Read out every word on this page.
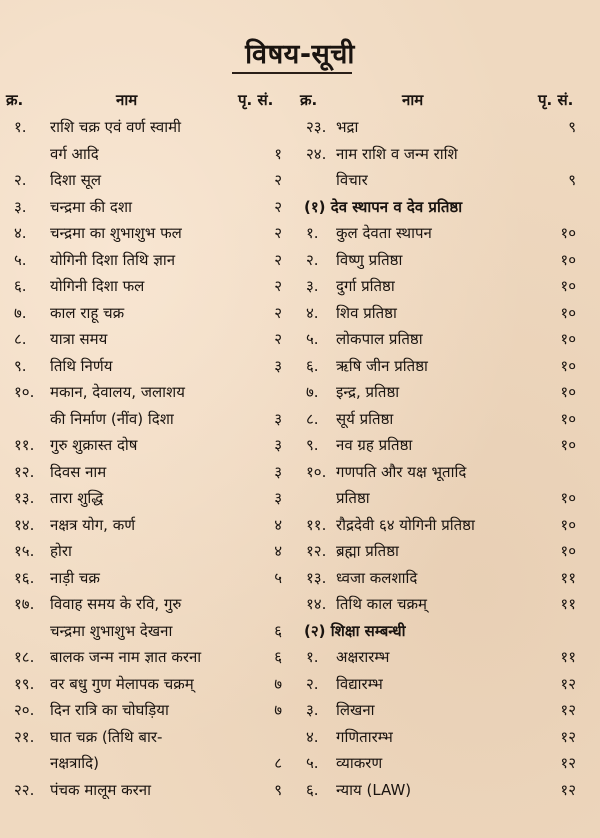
विषय-सूची
क्र.	नाम	पृ. सं.
१. राशि चक्र एवं वर्ण स्वामी
वर्ग आदि	१
२. दिशा सूल	२
३. चन्द्रमा की दशा	२
४. चन्द्रमा का शुभाशुभ फल	२
५. योगिनी दिशा तिथि ज्ञान	२
६. योगिनी दिशा फल	२
७. काल राहू चक्र	२
८. यात्रा समय	२
९. तिथि निर्णय	३
१०. मकान, देवालय, जलाशय
की निर्माण (नींव) दिशा	३
११. गुरु शुक्रास्त दोष	३
१२. दिवस नाम	३
१३. तारा शुद्धि	३
१४. नक्षत्र योग, कर्ण	४
१५. होरा	४
१६. नाड़ी चक्र	५
१७. विवाह समय के रवि, गुरु
चन्द्रमा शुभाशुभ देखना	६
१८. बालक जन्म नाम ज्ञात करना	६
१९. वर बधु गुण मेलापक चक्रम्	७
२०. दिन रात्रि का चोघड़िया	७
२१. घात चक्र (तिथि बार-
नक्षत्रादि)	८
२२. पंचक मालूम करना	९
क्र.	नाम	पृ. सं.
२३. भद्रा	९
२४. नाम राशि व जन्म राशि
विचार	९
(१) देव स्थापन व देव प्रतिष्ठा
१. कुल देवता स्थापन	१०
२. विष्णु प्रतिष्ठा	१०
३. दुर्गा प्रतिष्ठा	१०
४. शिव प्रतिष्ठा	१०
५. लोकपाल प्रतिष्ठा	१०
६. ऋषि जीन प्रतिष्ठा	१०
७. इन्द्र, प्रतिष्ठा	१०
८. सूर्य प्रतिष्ठा	१०
९. नव ग्रह प्रतिष्ठा	१०
१०. गणपति और यक्ष भूतादि
प्रतिष्ठा	१०
११. रौद्रदेवी ६४ योगिनी प्रतिष्ठा	१०
१२. ब्रह्मा प्रतिष्ठा	१०
१३. ध्वजा कलशादि	११
१४. तिथि काल चक्रम्	११
(२) शिक्षा सम्बन्धी
१. अक्षरारम्भ	११
२. विद्यारम्भ	१२
३. लिखना	१२
४. गणितारम्भ	१२
५. व्याकरण	१२
६. न्याय (LAW)	१२
